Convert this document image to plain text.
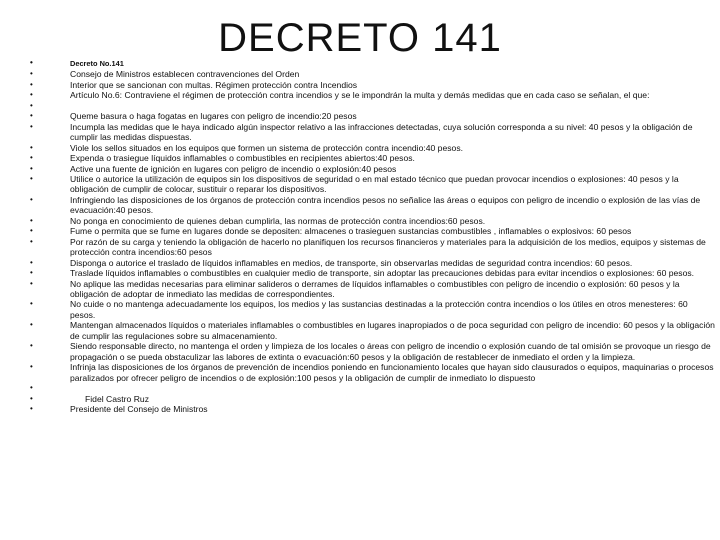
DECRETO 141
• Decreto No.141
• Consejo de Ministros establecen contravenciones del Orden
• Interior que se sancionan con multas. Régimen protección contra Incendios
• Artículo No.6: Contraviene el régimen de protección contra incendios y se le impondrán la multa y demás medidas que en cada caso se señalan, el que:
•
• Queme basura o haga fogatas en lugares con peligro de incendio:20 pesos
• Incumpla las medidas que le haya indicado algún inspector relativo a las infracciones detectadas, cuya solución corresponda a su nivel: 40 pesos y la obligación de cumplir las medidas dispuestas.
• Viole los sellos situados en los equipos que formen un sistema de protección contra incendio:40 pesos.
• Expenda o trasiegue líquidos inflamables o combustibles en recipientes abiertos:40 pesos.
• Active una fuente de ignición en lugares con peligro de incendio o explosión:40 pesos
• Utilice o autorice la utilización de equipos sin los dispositivos de seguridad o en mal estado técnico que puedan provocar incendios o explosiones: 40 pesos y la obligación de cumplir de colocar, sustituir o reparar los dispositivos.
• Infringiendo las disposiciones de los órganos de protección contra incendios pesos no señalice las áreas o equipos con peligro de incendio o explosión de las vías de evacuación:40 pesos.
• No ponga en conocimiento de quienes deban cumplirla, las normas de protección contra incendios:60 pesos.
• Fume o permita que se fume en lugares donde se depositen: almacenes o trasieguen sustancias combustibles , inflamables o explosivos: 60 pesos
• Por razón de su carga y teniendo la obligación de hacerlo no planifiquen los recursos financieros y materiales para la adquisición de los medios, equipos y sistemas de protección contra incendios:60 pesos
• Disponga o autorice el traslado de líquidos inflamables en medios, de transporte, sin observarlas medidas de seguridad contra incendios: 60 pesos.
• Traslade líquidos inflamables o combustibles en cualquier medio de transporte, sin adoptar las precauciones debidas para evitar incendios o explosiones: 60 pesos.
• No aplique las medidas necesarias para eliminar salideros o derrames de líquidos inflamables o combustibles con peligro de incendio o explosión: 60 pesos y la obligación de adoptar de inmediato las medidas de correspondientes.
• No cuide o no mantenga adecuadamente los equipos, los medios y las sustancias destinadas a la protección contra incendios o los útiles en otros menesteres: 60 pesos.
• Mantengan almacenados líquidos o materiales inflamables o combustibles en lugares inapropiados o de poca seguridad con peligro de incendio: 60 pesos y la obligación de cumplir las regulaciones sobre su almacenamiento.
• Siendo responsable directo, no mantenga el orden y limpieza de los locales o áreas con peligro de incendio o explosión cuando de tal omisión se provoque un riesgo de propagación o se pueda obstaculizar las labores de extinta o evacuación:60 pesos y la obligación de restablecer de inmediato el orden y la limpieza.
• Infrinja las disposiciones de los órganos de prevención de incendios poniendo en funcionamiento locales que hayan sido clausurados o equipos, maquinarias o procesos paralizados por ofrecer peligro de incendios o de explosión:100 pesos y la obligación de cumplir de inmediato lo dispuesto
•
• Fidel Castro Ruz
• Presidente del Consejo de Ministros
